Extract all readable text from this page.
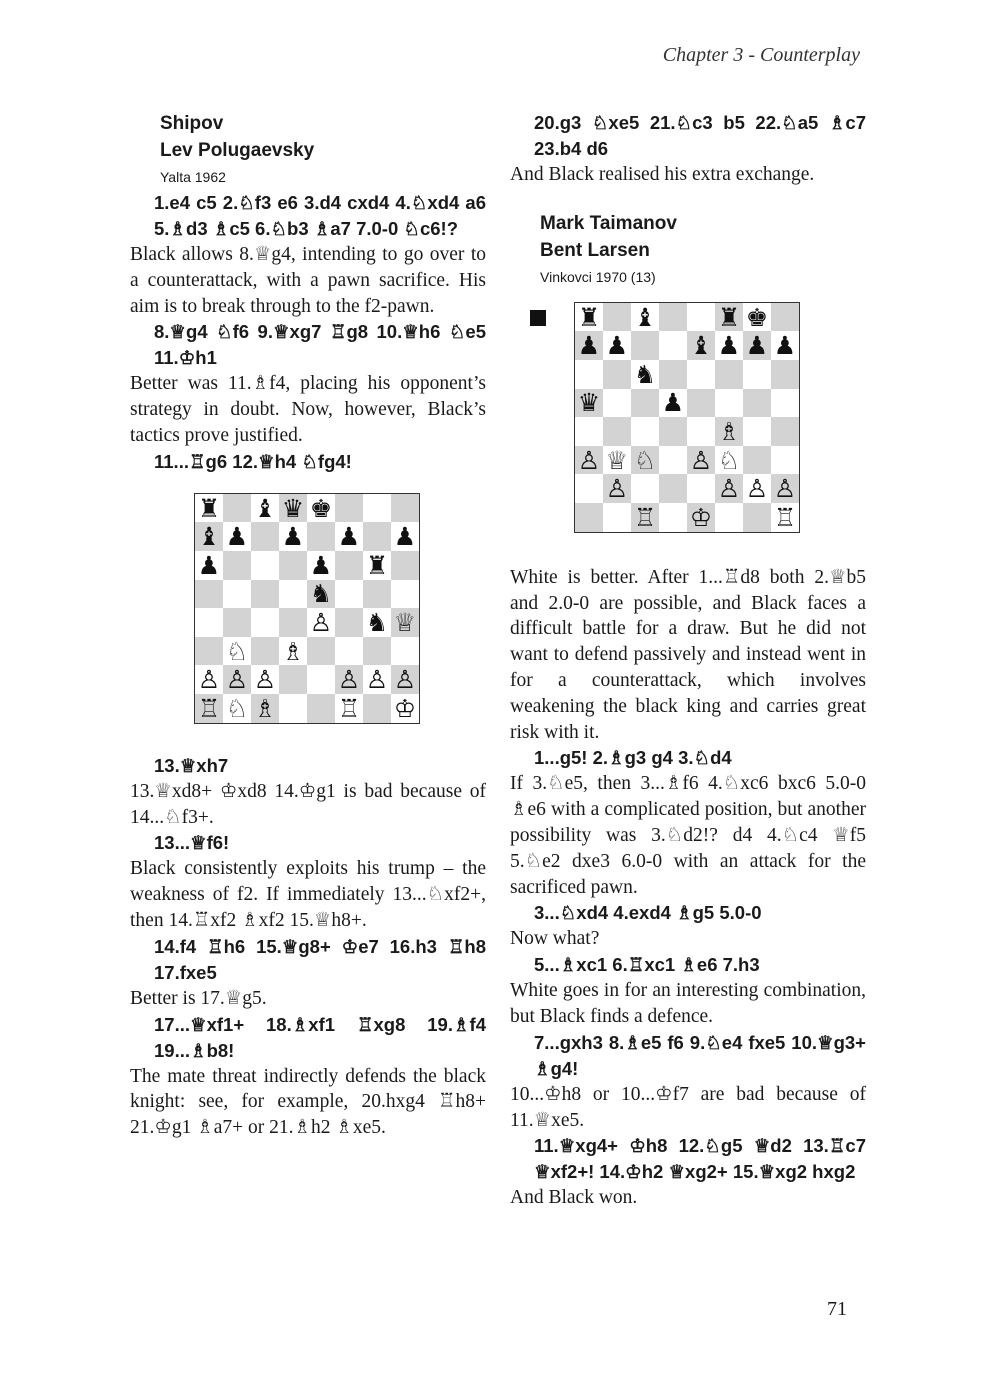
Chapter 3 - Counterplay
Shipov
Lev Polugaevsky
Yalta 1962

1.e4 c5 2.♘f3 e6 3.d4 cxd4 4.♘xd4 a6 5.♗d3 ♗c5 6.♘b3 ♗a7 7.0-0 ♘c6!?

Black allows 8.♕g4, intending to go over to a counterattack, with a pawn sacrifice. His aim is to break through to the f2-pawn.

8.♕g4 ♘f6 9.♕xg7 ♖g8 10.♕h6 ♘e5 11.♔h1

Better was 11.♗f4, placing his opponent’s strategy in doubt. Now, however, Black’s tactics prove justified.

11...♖g6 12.♕h4 ♘fg4!

♜ ♝ ♛ ♚
♝ ♟ ♟ ♟ ♟
♟	♟ ♜
♞
♙ ♞ ♕
♘ ♗
♙ ♙ ♙ ♙ ♙ ♙
♖ ♘ ♗ ♖ ♔

13.♕xh7

13.♕xd8+ ♔xd8 14.♔g1 is bad because of 14...♘f3+.

13...♕f6!

Black consistently exploits his trump – the weakness of f2. If immediately 13...♘xf2+, then 14.♖xf2 ♗xf2 15.♕h8+.

14.f4 ♖h6 15.♕g8+ ♔e7 16.h3 ♖h8 17.fxe5

Better is 17.♕g5.

17...♕xf1+ 18.♗xf1 ♖xg8 19.♗f4 19...♗b8!

The mate threat indirectly defends the black knight: see, for example, 20.hxg4 ♖h8+ 21.♔g1 ♗a7+ or 21.♗h2 ♗xe5.

20.g3 ♘xe5 21.♘c3 b5 22.♘a5 ♗c7 23.b4 d6

And Black realised his extra exchange.

Mark Taimanov
Bent Larsen
Vinkovci 1970 (13)
♜ ♝ ♜ ♚
♟ ♟ ♝ ♟ ♟ ♟
♞
♛ ♟
♗
♙ ♕ ♘ ♙ ♘
♙	♙ ♙ ♙
♖ ♔ ♖

White is better. After 1...♖d8 both 2.♕b5 and 2.0-0 are possible, and Black faces a difficult battle for a draw. But he did not want to defend passively and instead went in for a counterattack, which involves weakening the black king and carries great risk with it.

1...g5! 2.♗g3 g4 3.♘d4

If 3.♘e5, then 3...♗f6 4.♘xc6 bxc6 5.0-0 ♗e6 with a complicated position, but another possibility was 3.♘d2!? d4 4.♘c4 ♕f5 5.♘e2 dxe3 6.0-0 with an attack for the sacrificed pawn.

3...♘xd4 4.exd4 ♗g5 5.0-0

Now what?

5...♗xc1 6.♖xc1 ♗e6 7.h3

White goes in for an interesting combination, but Black finds a defence.

7...gxh3 8.♗e5 f6 9.♘e4 fxe5 10.♕g3+ ♗g4!

10...♔h8 or 10...♔f7 are bad because of 11.♕xe5.

11.♕xg4+ ♔h8 12.♘g5 ♕d2 13.♖c7 ♕xf2+! 14.♔h2 ♕xg2+ 15.♕xg2 hxg2

And Black won.

71
